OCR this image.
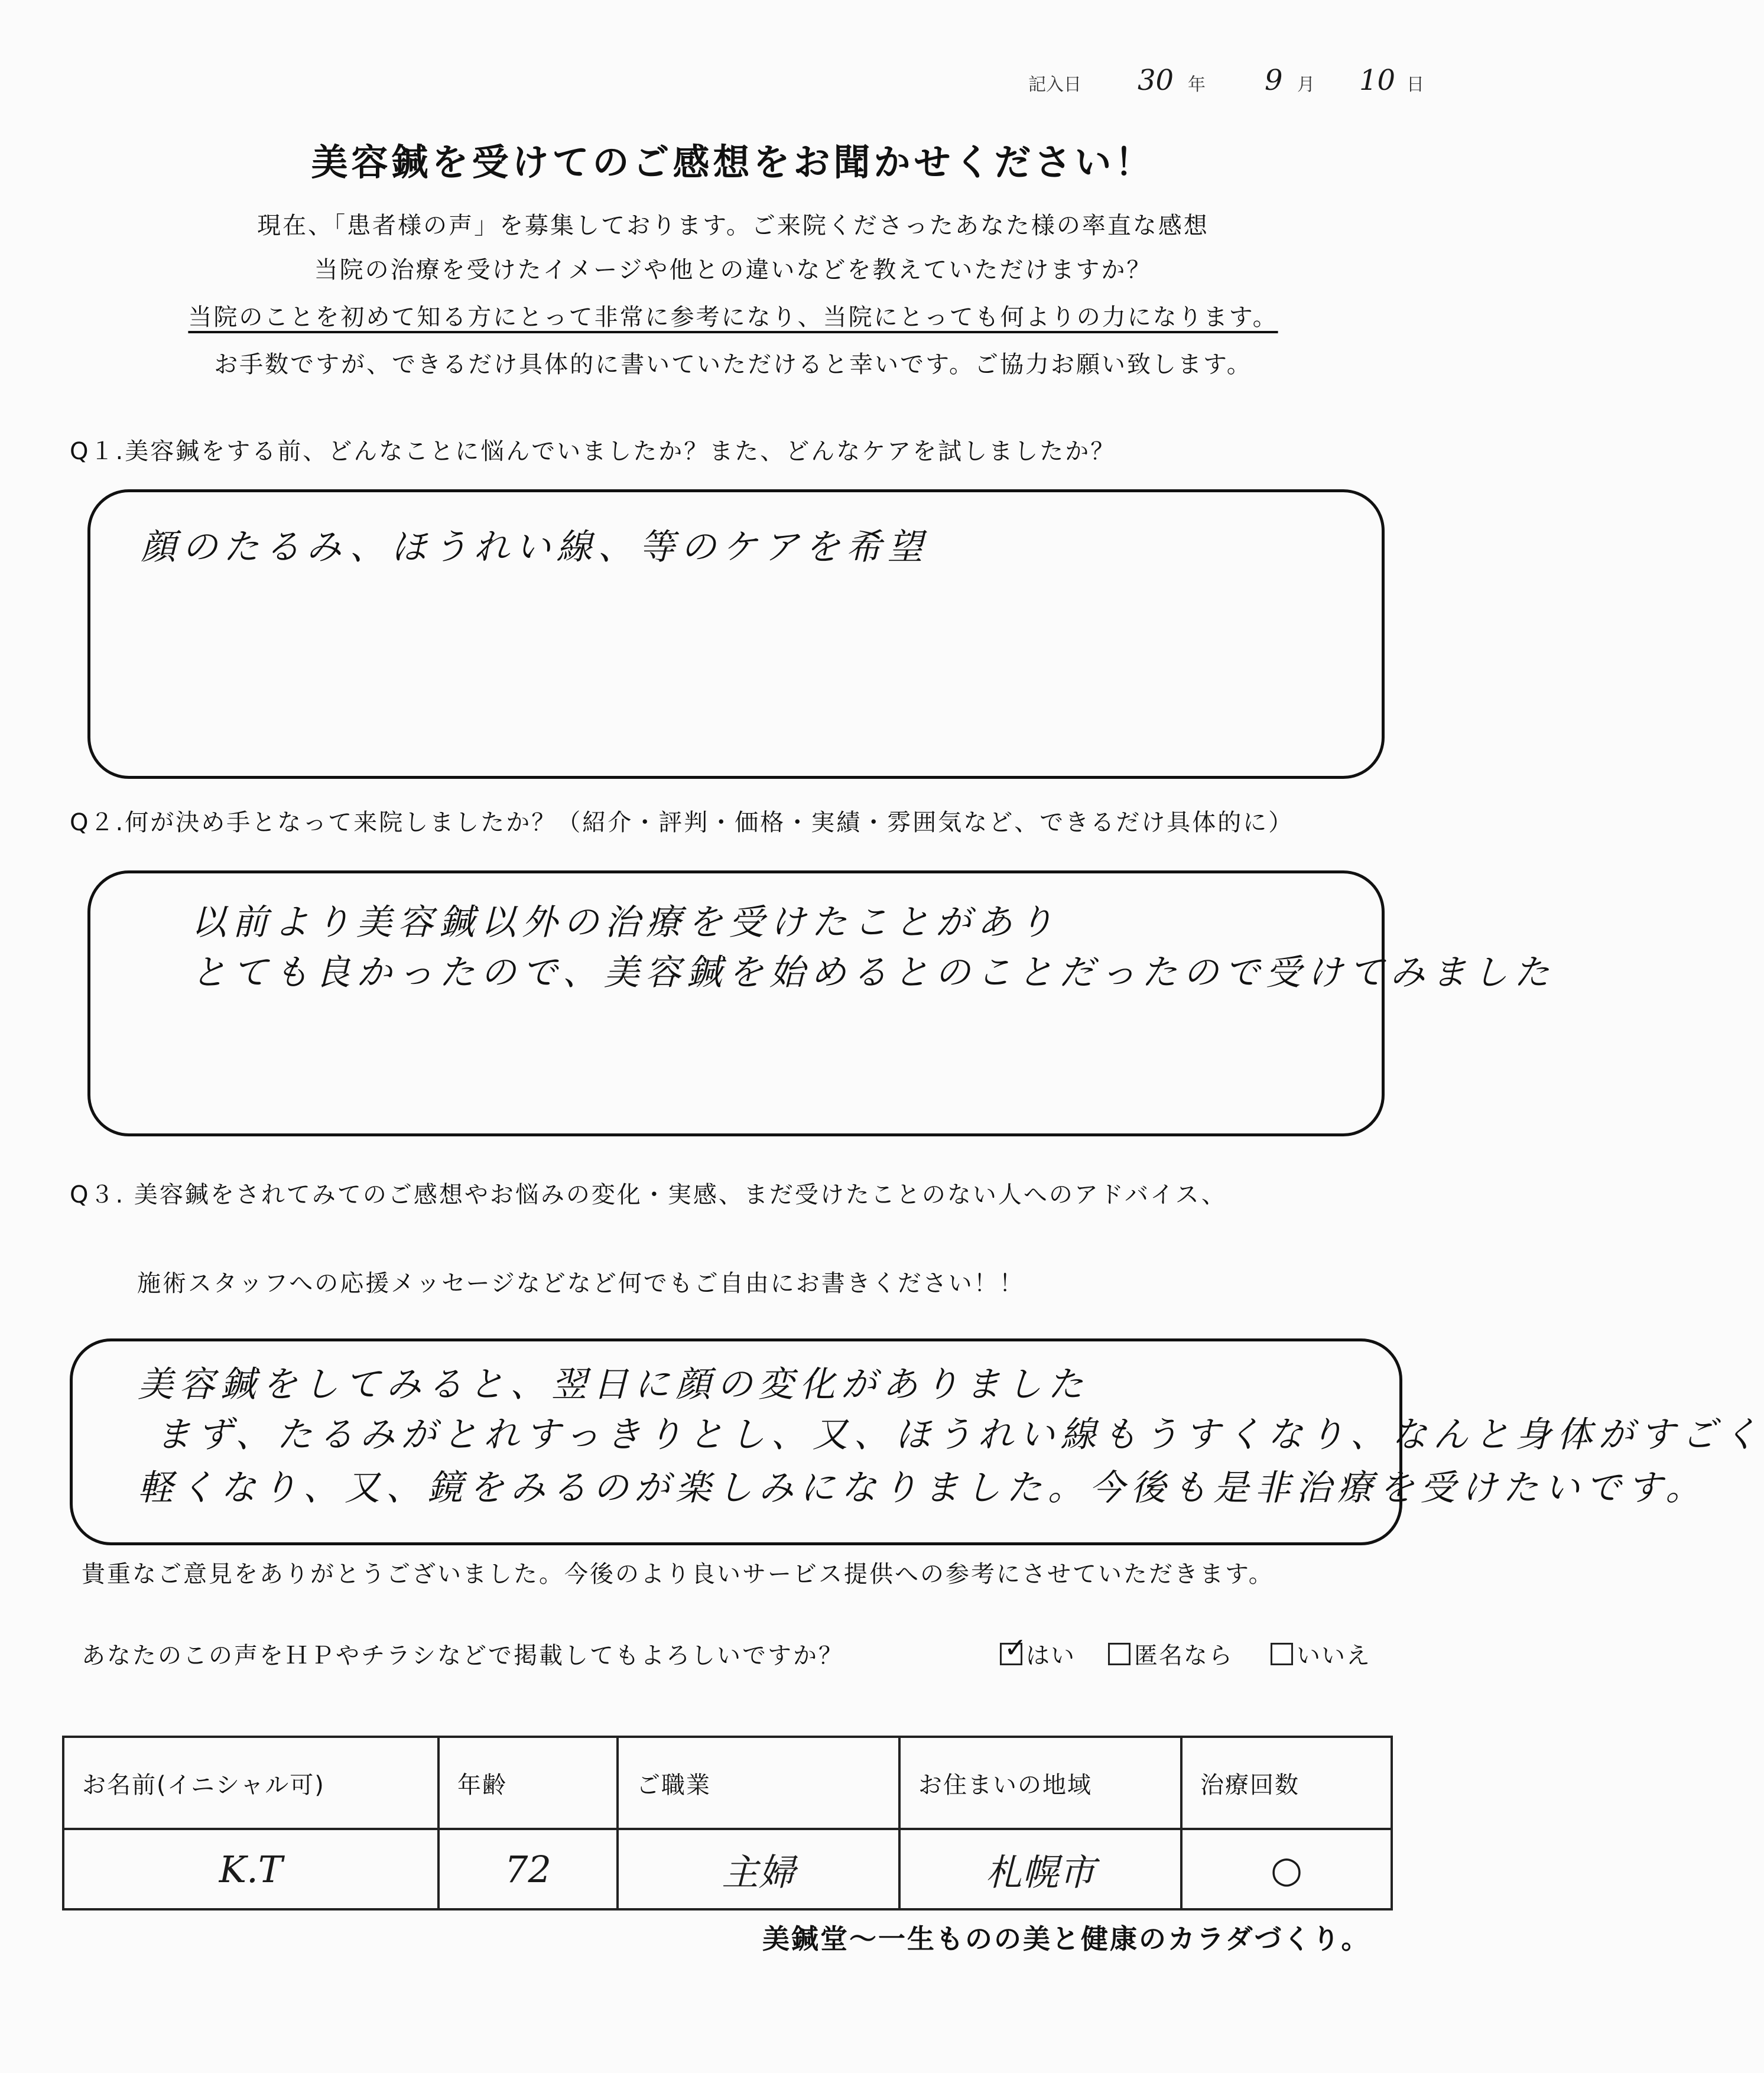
記入日 30 年 9 月 10 日
美容鍼を受けてのご感想をお聞かせください！
現在、「患者様の声」を募集しております。ご来院くださったあなた様の率直な感想
当院の治療を受けたイメージや他との違いなどを教えていただけますか？
当院のことを初めて知る方にとって非常に参考になり、当院にとっても何よりの力になります。
お手数ですが、できるだけ具体的に書いていただけると幸いです。ご協力お願い致します。
Q１.美容鍼をする前、どんなことに悩んでいましたか？また、どんなケアを試しましたか？
顔のたるみ、ほうれい線、等のケアを希望
Q２.何が決め手となって来院しましたか？（紹介・評判・価格・実績・雰囲気など、できるだけ具体的に）
以前より美容鍼以外の治療を受けたことがあり
とても良かったので、美容鍼を始めるとのことだったので受けてみました
Q３. 美容鍼をされてみてのご感想やお悩みの変化・実感、まだ受けたことのない人へのアドバイス、
施術スタッフへの応援メッセージなどなど何でもご自由にお書きください！！
美容鍼をしてみると、翌日に顔の変化がありました
まず、たるみがとれすっきりとし、又、ほうれい線もうすくなり、なんと身体がすごく
軽くなり、又、鏡をみるのが楽しみになりました。今後も是非治療を受けたいです。
貴重なご意見をありがとうございました。今後のより良いサービス提供への参考にさせていただきます。
あなたのこの声をＨＰやチラシなどで掲載してもよろしいですか？	✓
はい 匿名なら	いいえ
お名前(イニシャル可)	年齢	ご職業	お住まいの地域	治療回数
K.T	72	主婦	札幌市	○
美鍼堂～一生ものの美と健康のカラダづくり。
